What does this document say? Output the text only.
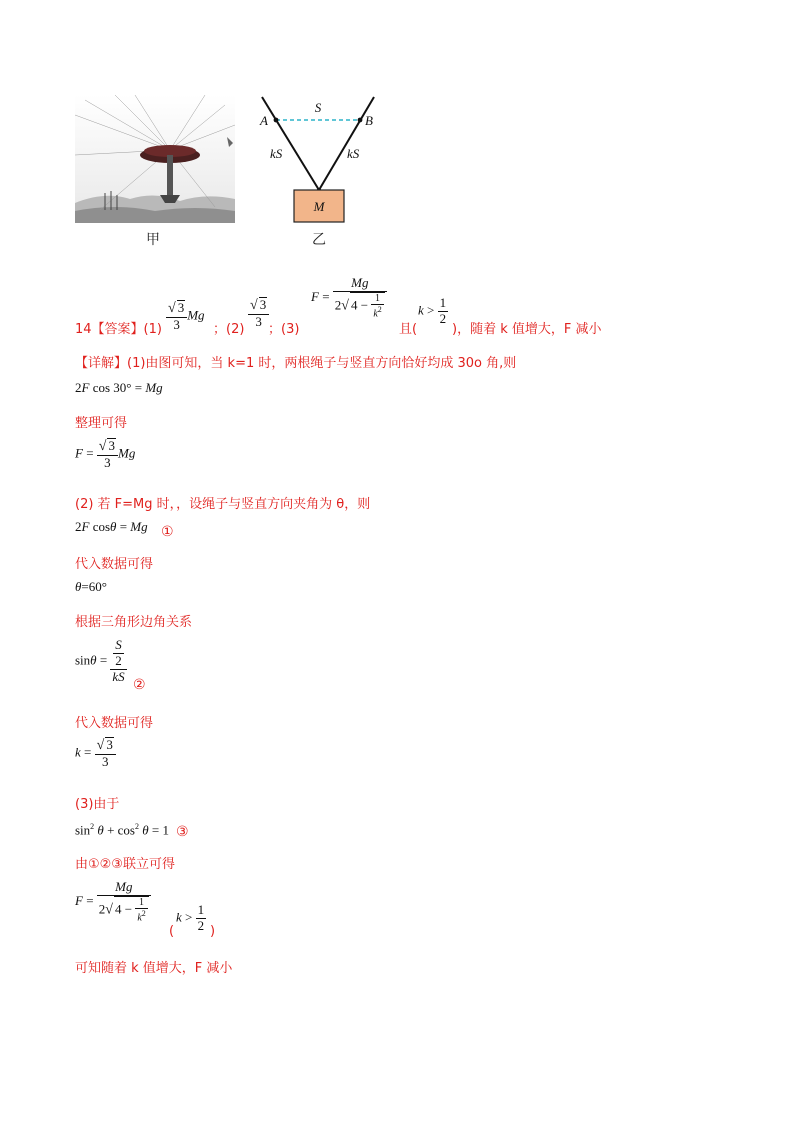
甲
S
A	B
kS	kS
M
乙
14【答案】$(1) \frac{√ 3}{3}$ Mg
；$(2) \frac{√ 3}{3}$
；(3)
$F = \frac{Mg}{2√ 4 - \frac{1}{k^2}}$ $k > \frac{1}{2}$
且(	)，随着 k 值增大，F 减小
【详解】(1)由图可知，当 k=1 时，两根绳子与竖直方向恰好均成 30o 角,则
2F cos 30° = Mg
整理可得
$F = \frac{√ 3}{3}$ Mg
(2) 若 F=Mg 时，，设绳子与竖直方向夹角为 θ，则
2F cosθ = Mg ①
代入数据可得
θ=60°
根据三角形边角关系
$\sin\theta = \frac{\frac{S}{2}}{kS}$
②
代入数据可得
$k = \frac{√ 3}{3}$
(3)由于
$\sin^2 \theta + \cos^2 \theta = 1$ ③
由①②③联立可得
$F = \frac{Mg}{2√ 4 - \frac{1}{k^2}}$ $k > \frac{1}{2}$
(	)
可知随着 k 值增大，F 减小
